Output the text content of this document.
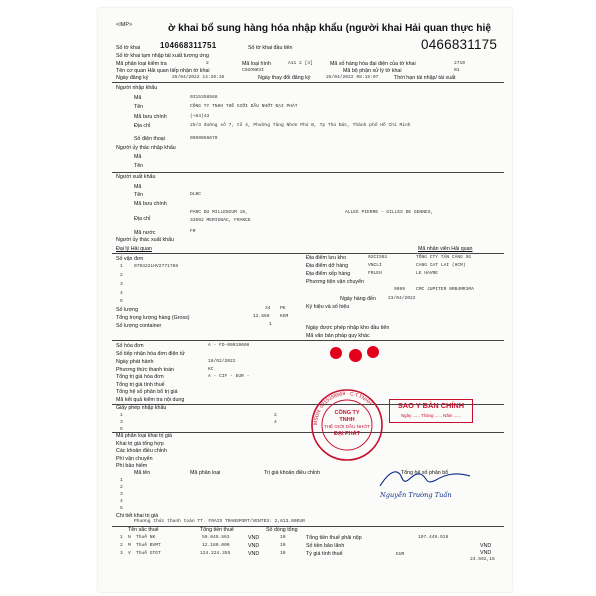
<IMP>	ờ khai bổ sung hàng hóa nhập khẩu (người khai Hải quan thực hiệ
0466831175
Số tờ khai 104668311751	Số tờ khai đầu tiên
Số tờ khai tạm nhập tái xuất tương ứng
Mã phân loại kiểm tra	2	Mã loại hình	A11 2 [4]	Mã số hàng hóa đại diện của tờ khai	2710
Tên cơ quan Hải quan tiếp nhận tờ khai	CSGONKVI	Mã bộ phận xử lý tờ khai	01
Ngày đăng ký	26/04/2022 14:20:35	Ngày thay đổi đăng ký	25/04/2022 08:15:07	Thời hạn tái nhập/ tái xuất
Người nhập khẩu
Mã	0315358568
Tên	CÔNG TY TNHH THẾ GIỚI DẦU NHỚT ĐẠI PHÁT
Mã bưu chính	(+84)43
Địa chỉ	25/3 đường số 7, tổ 4, Phường Tăng Nhơn Phú B, Tp Thủ Đức, Thành phố Hồ Chí Minh
Số điện thoại	0969056670
Người ủy thác nhập khẩu
Mã
Tên
Người xuất khẩu
Mã
Tên	DLBC
Mã bưu chính
PARC DU MILLENIUM 10,	ALLEE PIERRE - GILLES DE GENNES,
Địa chỉ	33692 MERIGNAC, FRANCE
Mã nước	FR
Người ủy thác xuất khẩu
Đại lý Hải quan	Mã nhân viên Hải quan
Số vận đơn
1 070322LHV2771768
2
3
4
5
Số lượng	34 PK
Tổng trọng lượng hàng (Gross)	12.569 KGM
Số lượng container	1
Địa điểm lưu kho	02CIS01	TỔNG CTY TÂN CẢNG SG
Địa điểm dỡ hàng	VNCLI	CANG CAT LAI (HCM)
Địa điểm xếp hàng	FRLEH	LE HAVRE
Phương tiện vận chuyển
9999 CMC JUPITER 0RB4MR1MA
Ngày hàng đến	23/04/2022
Ký hiệu và số hiệu
Ngày được phép nhập kho đầu tiên
Mã văn bản pháp quy khác
Số hóa đơn	A - FD-00019608
Số tiếp nhận hóa đơn điện tử
Ngày phát hành	18/02/2022
Phương thức thanh toán	KC
Tổng trị giá hóa đơn	A - CIF - EUR -
Tổng trị giá tính thuế
Tổng hệ số phân bổ trị giá
Mã kết quả kiểm tra nội dung
Giấy phép nhập khẩu
1	2
3	4
5
Mã phân loại khai trị giá
Khai trị giá tổng hợp
Các khoản điều chỉnh
Phí vận chuyển
Phí bảo hiểm
Mã tên	Mã phân loại	Trị giá khoản điều chỉnh	Tổng hệ số phân bổ
1
2
3
4
5
Chi tiết khai trị giá
Phương thức thanh toán TT. FRAIS TRANSPORT/VENTES: 2,613.00EUR
Tên sắc thuế	Tổng tiền thuế	Số dòng tổng
1 N Thuế NK	59.045.563	VND	10
2 M Thuế BVMT	12.180.000	VND	10
3 V Thuế GTGT	124.224.355	VND	10
Tổng tiền thuế phải nộp	197.449.918
VND
Số tiền bảo lãnh
VND
Tỷ giá tính thuế	EUR
24.592,16
MSDN: 0315358568 · C.T.TNHH
CÔNG TY
TNHH
THẾ GIỚI DẦU NHỚT
ĐẠI PHÁT
SAO Y BẢN CHÍNH
Ngày ...... Tháng ...... Năm ......
Nguyễn Trường Tuấn
